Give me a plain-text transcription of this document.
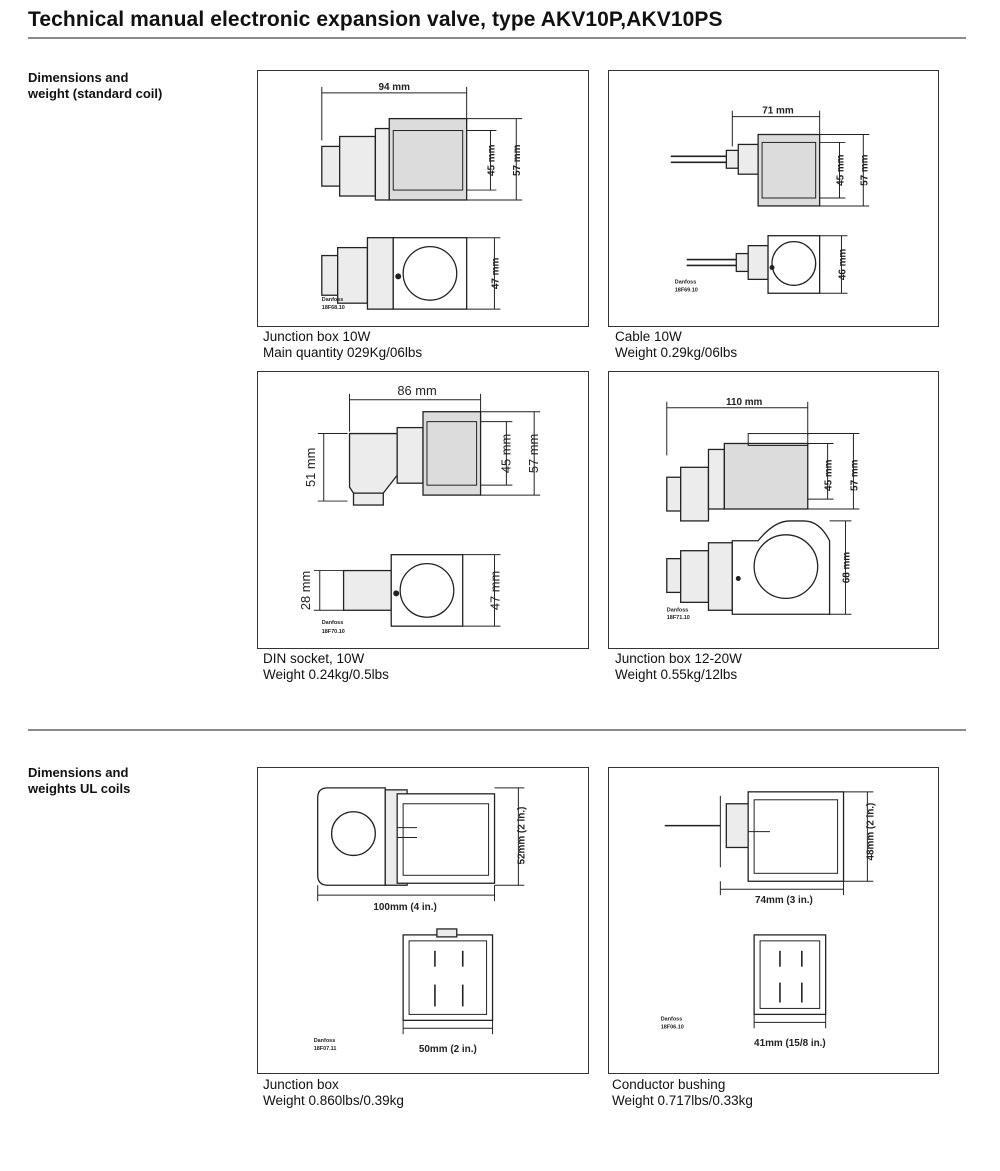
Technical manual electronic expansion valve, type AKV10P,AKV10PS
Dimensions and
weight (standard coil)	94 mm
45 mm 57 mm
47 mm
Danfoss
18F68.10
Junction box 10W
Main quantity 029Kg/06lbs
71 mm
45 mm 57 mm
46 mm
Danfoss
18F69.10
Cable 10W
Weight 0.29kg/06lbs
86 mm
51 mm	45 mm 57 mm
28 mm	47 mm
Danfoss
18F70.10
DIN socket, 10W
Weight 0.24kg/0.5lbs
110 mm
45 mm 57 mm
68 mm
Danfoss
18F71.10
Junction box 12-20W
Weight 0.55kg/12lbs
Dimensions and
weights UL coils
52mm (2 in.)
100mm (4 in.)
50mm (2 in.)
Danfoss
18F07.11
Junction box
Weight 0.860lbs/0.39kg
48mm (2 in.)
74mm (3 in.)
41mm (15/8 in.)
Danfoss
18F06.10
Conductor bushing
Weight 0.717lbs/0.33kg
